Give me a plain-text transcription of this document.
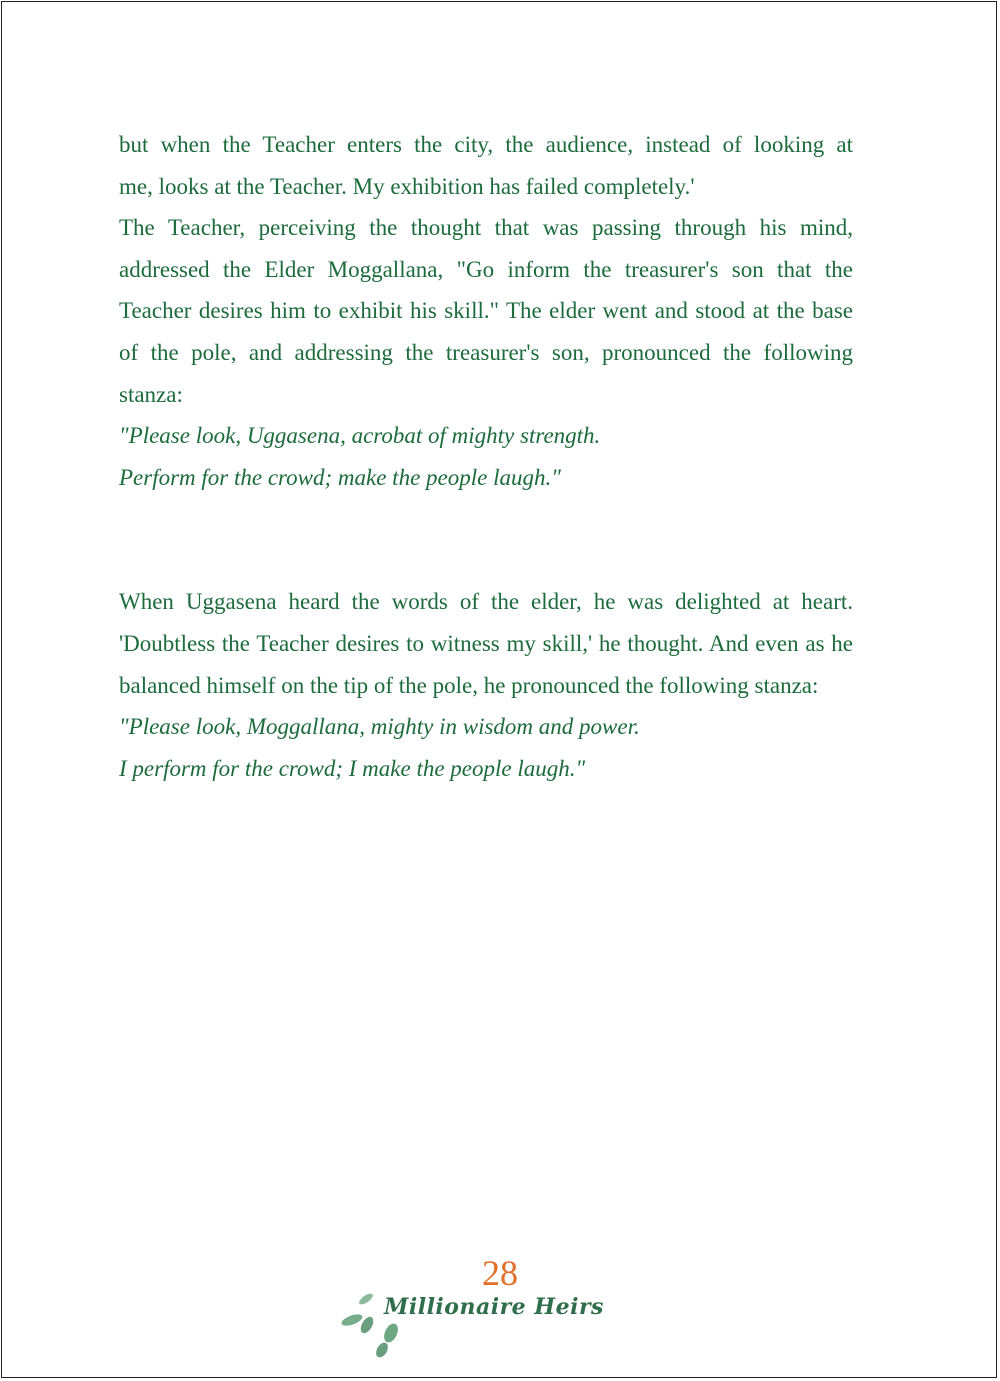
but when the Teacher enters the city, the audience, instead of looking at

me, looks at the Teacher. My exhibition has failed completely.'

The Teacher, perceiving the thought that was passing through his mind, addressed the Elder Moggallana, "Go inform the treasurer's son that the Teacher desires him to exhibit his skill." The elder went and stood at the base of the pole, and addressing the treasurer's son, pronounced the following stanza:

"Please look, Uggasena, acrobat of mighty strength.

Perform for the crowd; make the people laugh."

When Uggasena heard the words of the elder, he was delighted at heart. 'Doubtless the Teacher desires to witness my skill,' he thought. And even as he balanced himself on the tip of the pole, he pronounced the following stanza:

"Please look, Moggallana, mighty in wisdom and power.

I perform for the crowd; I make the people laugh."

28
Millionaire Heirs
